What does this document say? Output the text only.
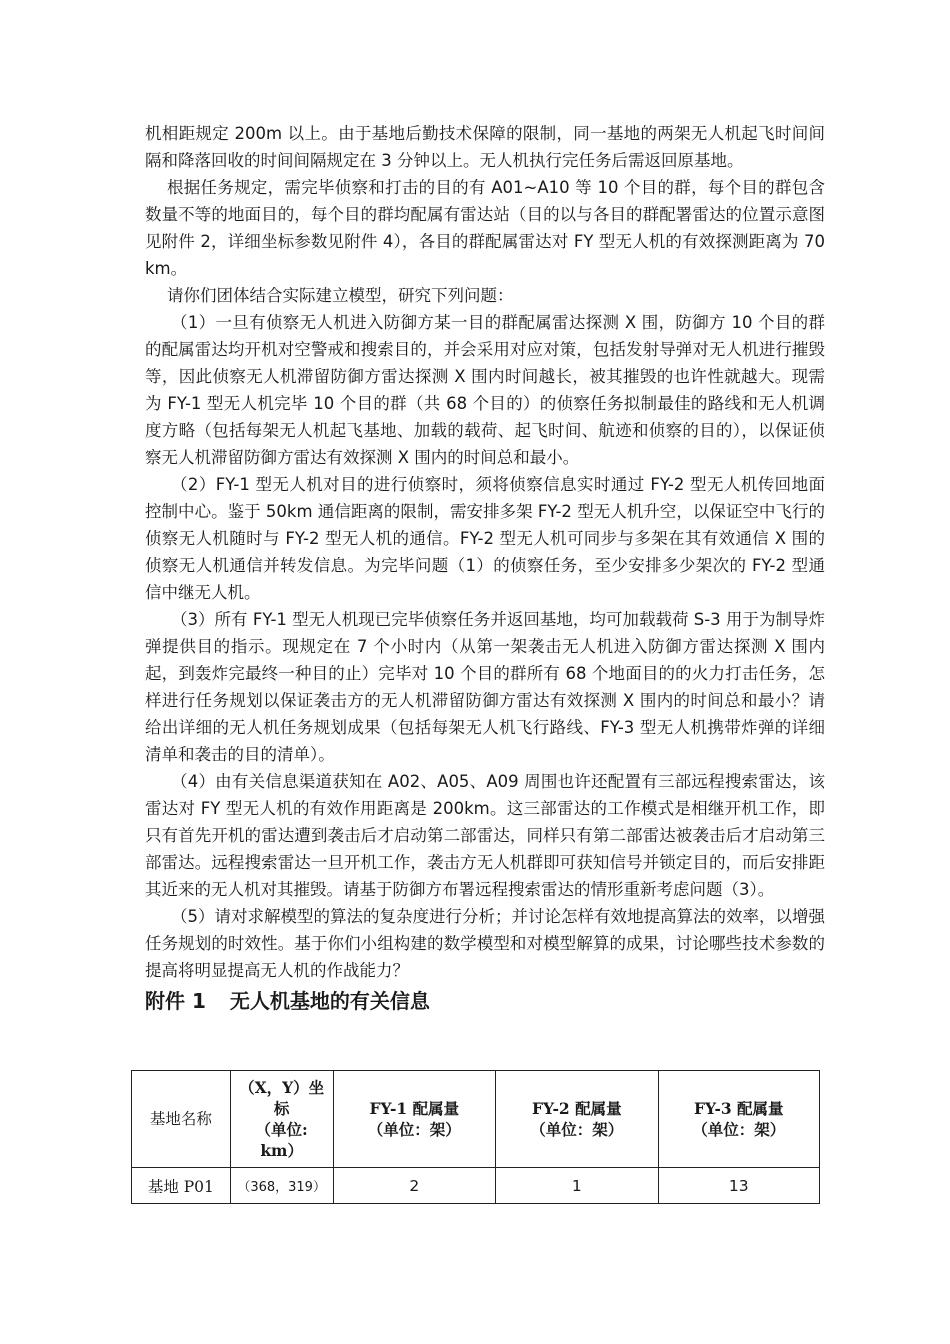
机相距规定 200m 以上。由于基地后勤技术保障的限制，同一基地的两架无人机起飞时间间隔和降落回收的时间间隔规定在 3 分钟以上。无人机执行完任务后需返回原基地。

根据任务规定，需完毕侦察和打击的目的有 A01~A10 等 10 个目的群，每个目的群包含数量不等的地面目的，每个目的群均配属有雷达站（目的以与各目的群配署雷达的位置示意图见附件 2，详细坐标参数见附件 4），各目的群配属雷达对 FY 型无人机的有效探测距离为 70km。

请你们团体结合实际建立模型，研究下列问题：

（1）一旦有侦察无人机进入防御方某一目的群配属雷达探测 X 围，防御方 10 个目的群的配属雷达均开机对空警戒和搜索目的，并会采用对应对策，包括发射导弹对无人机进行摧毁等，因此侦察无人机滞留防御方雷达探测 X 围内时间越长，被其摧毁的也许性就越大。现需为 FY-1 型无人机完毕 10 个目的群（共 68 个目的）的侦察任务拟制最佳的路线和无人机调度方略（包括每架无人机起飞基地、加载的载荷、起飞时间、航迹和侦察的目的），以保证侦察无人机滞留防御方雷达有效探测 X 围内的时间总和最小。

（2）FY-1 型无人机对目的进行侦察时，须将侦察信息实时通过 FY-2 型无人机传回地面控制中心。鉴于 50km 通信距离的限制，需安排多架 FY-2 型无人机升空，以保证空中飞行的侦察无人机随时与 FY-2 型无人机的通信。FY-2 型无人机可同步与多架在其有效通信 X 围的侦察无人机通信并转发信息。为完毕问题（1）的侦察任务，至少安排多少架次的 FY-2 型通信中继无人机。

（3）所有 FY-1 型无人机现已完毕侦察任务并返回基地，均可加载载荷 S-3 用于为制导炸弹提供目的指示。现规定在 7 个小时内（从第一架袭击无人机进入防御方雷达探测 X 围内起，到轰炸完最终一种目的止）完毕对 10 个目的群所有 68 个地面目的的火力打击任务，怎样进行任务规划以保证袭击方的无人机滞留防御方雷达有效探测 X 围内的时间总和最小？请给出详细的无人机任务规划成果（包括每架无人机飞行路线、FY-3 型无人机携带炸弹的详细清单和袭击的目的清单）。

（4）由有关信息渠道获知在 A02、A05、A09 周围也许还配置有三部远程搜索雷达，该雷达对 FY 型无人机的有效作用距离是 200km。这三部雷达的工作模式是相继开机工作，即只有首先开机的雷达遭到袭击后才启动第二部雷达，同样只有第二部雷达被袭击后才启动第三部雷达。远程搜索雷达一旦开机工作，袭击方无人机群即可获知信号并锁定目的，而后安排距其近来的无人机对其摧毁。请基于防御方布署远程搜索雷达的情形重新考虑问题（3）。

（5）请对求解模型的算法的复杂度进行分析；并讨论怎样有效地提高算法的效率，以增强任务规划的时效性。基于你们小组构建的数学模型和对模型解算的成果，讨论哪些技术参数的提高将明显提高无人机的作战能力？

附件 1 无人机基地的有关信息

基地名称	（X，Y）坐
标
（单位:
km）	FY-1 配属量
（单位：架）	FY-2 配属量
（单位：架）	FY-3 配属量
（单位：架）

基地 P01	（368，319）	2	1	13
